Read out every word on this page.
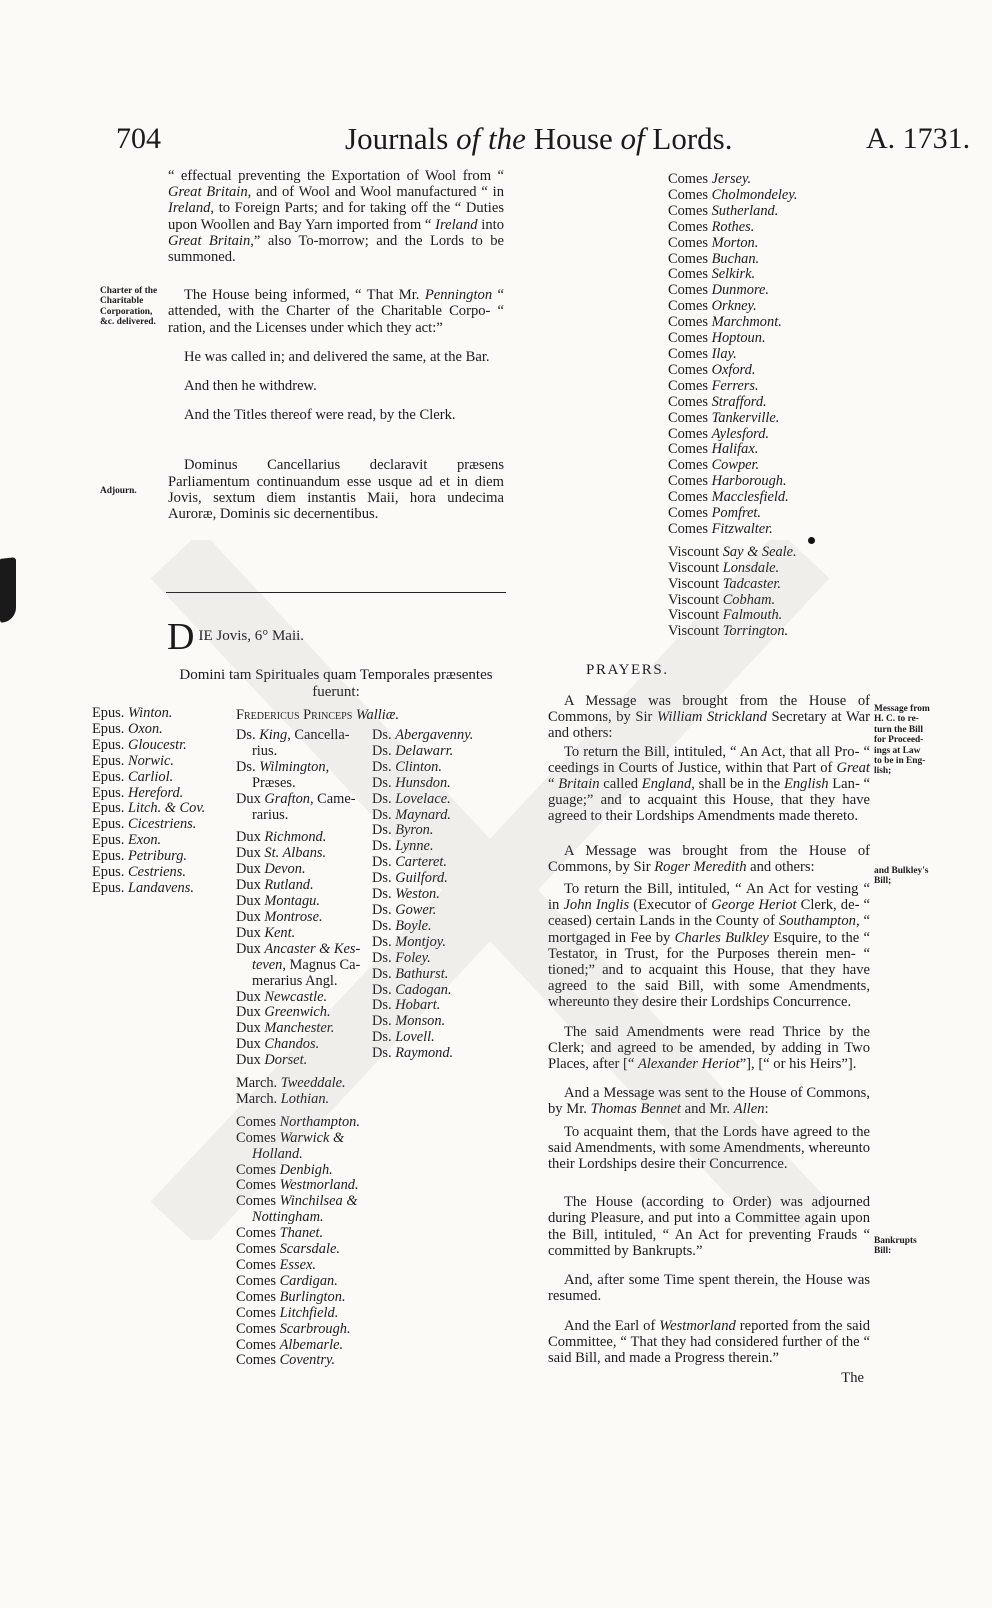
704	Journals of the House of Lords.	A. 1731.

“ effectual preventing the Exportation of Wool from “ Great Britain, and of Wool and Wool manufactured “ in Ireland, to Foreign Parts; and for taking off the “ Duties upon Woollen and Bay Yarn imported from “ Ireland into Great Britain,” also To-morrow; and the Lords to be summoned.

The House being informed, “ That Mr. Pennington “ attended, with the Charter of the Charitable Corpo- “ ration, and the Licenses under which they act:”

He was called in; and delivered the same, at the Bar.

And then he withdrew.

And the Titles thereof were read, by the Clerk.

Dominus Cancellarius declaravit præsens Parliamentum continuandum esse usque ad et in diem Jovis, sextum diem instantis Maii, hora undecima Auroræ, Dominis sic decernentibus.

Charter of the
Charitable
Corporation,
&c. delivered.
Adjourn.
DIE Jovis, 6° Maii.
Domini tam Spirituales quam Temporales præsentes fuerunt:
Epus. Winton.
Epus. Oxon.
Epus. Gloucestr.
Epus. Norwic.
Epus. Carliol.
Epus. Hereford.
Epus. Litch. & Cov.
Epus. Cicestriens.
Epus. Exon.
Epus. Petriburg.
Epus. Cestriens.
Epus. Landavens.
Fredericus Princeps Walliæ.
Ds. King, Cancella-
rius.
Ds. Wilmington,
Præses.
Dux Grafton, Came-
rarius.
Dux Richmond.
Dux St. Albans.
Dux Devon.
Dux Rutland.
Dux Montagu.
Dux Montrose.
Dux Kent.
Dux Ancaster & Kes-
teven, Magnus Ca-
merarius Angl.
Dux Newcastle.
Dux Greenwich.
Dux Manchester.
Dux Chandos.
Dux Dorset.
March. Tweeddale.
March. Lothian.
Comes Northampton.
Comes Warwick &
Holland.
Comes Denbigh.
Comes Westmorland.
Comes Winchilsea &
Nottingham.
Comes Thanet.
Comes Scarsdale.
Comes Essex.
Comes Cardigan.
Comes Burlington.
Comes Litchfield.
Comes Scarbrough.
Comes Albemarle.
Comes Coventry.
Ds. Abergavenny.
Ds. Delawarr.
Ds. Clinton.
Ds. Hunsdon.
Ds. Lovelace.
Ds. Maynard.
Ds. Byron.
Ds. Lynne.
Ds. Carteret.
Ds. Guilford.
Ds. Weston.
Ds. Gower.
Ds. Boyle.
Ds. Montjoy.
Ds. Foley.
Ds. Bathurst.
Ds. Cadogan.
Ds. Hobart.
Ds. Monson.
Ds. Lovell.
Ds. Raymond.
Comes Jersey.
Comes Cholmondeley.
Comes Sutherland.
Comes Rothes.
Comes Morton.
Comes Buchan.
Comes Selkirk.
Comes Dunmore.
Comes Orkney.
Comes Marchmont.
Comes Hoptoun.
Comes Ilay.
Comes Oxford.
Comes Ferrers.
Comes Strafford.
Comes Tankerville.
Comes Aylesford.
Comes Halifax.
Comes Cowper.
Comes Harborough.
Comes Macclesfield.
Comes Pomfret.
Comes Fitzwalter.
Viscount Say & Seale.
Viscount Lonsdale.
Viscount Tadcaster.
Viscount Cobham.
Viscount Falmouth.
Viscount Torrington.
PRAYERS.

A Message was brought from the House of Commons, by Sir William Strickland Secretary at War and others:

To return the Bill, intituled, “ An Act, that all Pro- “ ceedings in Courts of Justice, within that Part of Great “ Britain called England, shall be in the English Lan- “ guage;” and to acquaint this House, that they have agreed to their Lordships Amendments made thereto.

A Message was brought from the House of Commons, by Sir Roger Meredith and others:

To return the Bill, intituled, “ An Act for vesting “ in John Inglis (Executor of George Heriot Clerk, de- “ ceased) certain Lands in the County of Southampton, “ mortgaged in Fee by Charles Bulkley Esquire, to the “ Testator, in Trust, for the Purposes therein men- “ tioned;” and to acquaint this House, that they have agreed to the said Bill, with some Amendments, whereunto they desire their Lordships Concurrence.

The said Amendments were read Thrice by the Clerk; and agreed to be amended, by adding in Two Places, after [“ Alexander Heriot”], [“ or his Heirs”].

And a Message was sent to the House of Commons, by Mr. Thomas Bennet and Mr. Allen:

To acquaint them, that the Lords have agreed to the said Amendments, with some Amendments, whereunto their Lordships desire their Concurrence.

The House (according to Order) was adjourned during Pleasure, and put into a Committee again upon the Bill, intituled, “ An Act for preventing Frauds “ committed by Bankrupts.”

And, after some Time spent therein, the House was resumed.

And the Earl of Westmorland reported from the said Committee, “ That they had considered further of the “ said Bill, and made a Progress therein.”

The

Message from
H. C. to re-
turn the Bill
for Proceed-
ings at Law
to be in Eng-
lish;
and Bulkley's
Bill;
Bankrupts
Bill:
